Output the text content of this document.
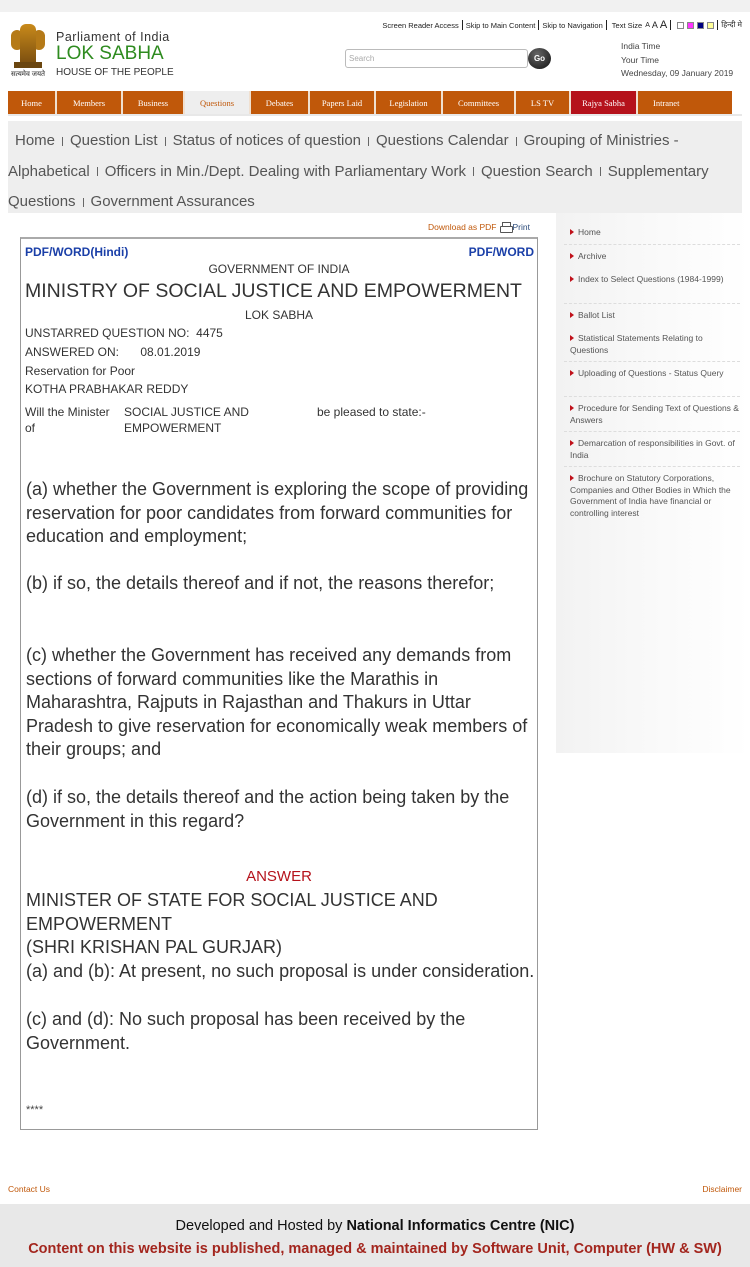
सत्यमेव जयते
Parliament of India
LOK SABHA
HOUSE OF THE PEOPLE
Screen Reader Access Skip to Main Content Skip to Navigation Text Size A A A	हिन्दी मे
Search	Go
India Time
Your Time
Wednesday, 09 January 2019
Home	Members	Business	Questions	Debates	Papers Laid	Legislation	Committees	LS TV	Rajya Sabha	Intranet
Home Question List Status of notices of question Questions Calendar Grouping of Ministries - Alphabetical Officers in Min./Dept. Dealing with Parliamentary Work Question Search Supplementary Questions Government Assurances
Download as PDF Print
PDF/WORD(Hindi)	PDF/WORD
GOVERNMENT OF INDIA
MINISTRY OF SOCIAL JUSTICE AND EMPOWERMENT
LOK SABHA
UNSTARRED QUESTION NO: 4475
ANSWERED ON: 08.01.2019
Reservation for Poor
KOTHA PRABHAKAR REDDY
Will the Minister of
SOCIAL JUSTICE AND EMPOWERMENT
be pleased to state:-
(a) whether the Government is exploring the scope of providing reservation for poor candidates from forward communities for education and employment;
(b) if so, the details thereof and if not, the reasons therefor;
(c) whether the Government has received any demands from sections of forward communities like the Marathis in Maharashtra, Rajputs in Rajasthan and Thakurs in Uttar Pradesh to give reservation for economically weak members of their groups; and
(d) if so, the details thereof and the action being taken by the Government in this regard?
ANSWER
MINISTER OF STATE FOR SOCIAL JUSTICE AND EMPOWERMENT
(SHRI KRISHAN PAL GURJAR)
(a) and (b): At present, no such proposal is under consideration.
(c) and (d): No such proposal has been received by the Government.
****
Home
Archive
Index to Select Questions (1984-1999)
Ballot List
Statistical Statements Relating to Questions
Uploading of Questions - Status Query
Procedure for Sending Text of Questions & Answers
Demarcation of responsibilities in Govt. of India
Brochure on Statutory Corporations, Companies and Other Bodies in Which the Government of India have financial or controlling interest
Contact Us	Disclaimer
Developed and Hosted by National Informatics Centre (NIC)
Content on this website is published, managed & maintained by Software Unit, Computer (HW & SW)
